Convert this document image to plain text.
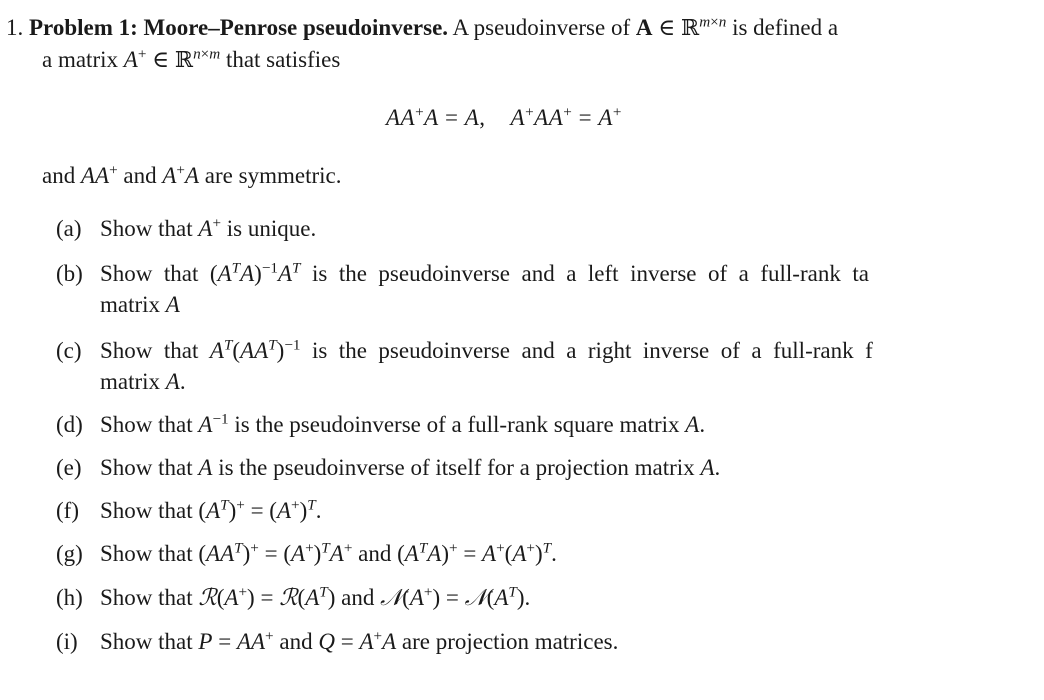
1. Problem 1: Moore–Penrose pseudoinverse. A pseudoinverse of A ∈ ℝ$^{m\times n}$ is defined a
a matrix A+ ∈ ℝ$^{n\times m}$ that satisfies
AA+A = A,    A+AA+ = A+
and AA+ and A+A are symmetric.
(a) Show that A+ is unique.
(b) Show  that  $(A^TA)^{-1}A^T$  is  the  pseudoinverse  and  a  left  inverse  of  a  full-rank  ta
matrix A
(c) Show  that  $A^T(AA^T)^{-1}$  is  the  pseudoinverse  and  a  right  inverse  of  a  full-rank  f
matrix A.
(d) Show that $A^{-1}$ is the pseudoinverse of a full-rank square matrix A.
(e) Show that A is the pseudoinverse of itself for a projection matrix A.
(f) Show that $(A^T)^+ = (A^+)^T$.
(g) Show that $(AA^T)^+ = (A^+)^TA^+$ and $(A^TA)^+ = A^+(A^+)^T$.
(h) Show that ℛ(A+) = $ℛ(A^T)$ and 𝒩(A+) = $𝒩(A^T)$.
(i) Show that P = AA+ and Q = A+A are projection matrices.
